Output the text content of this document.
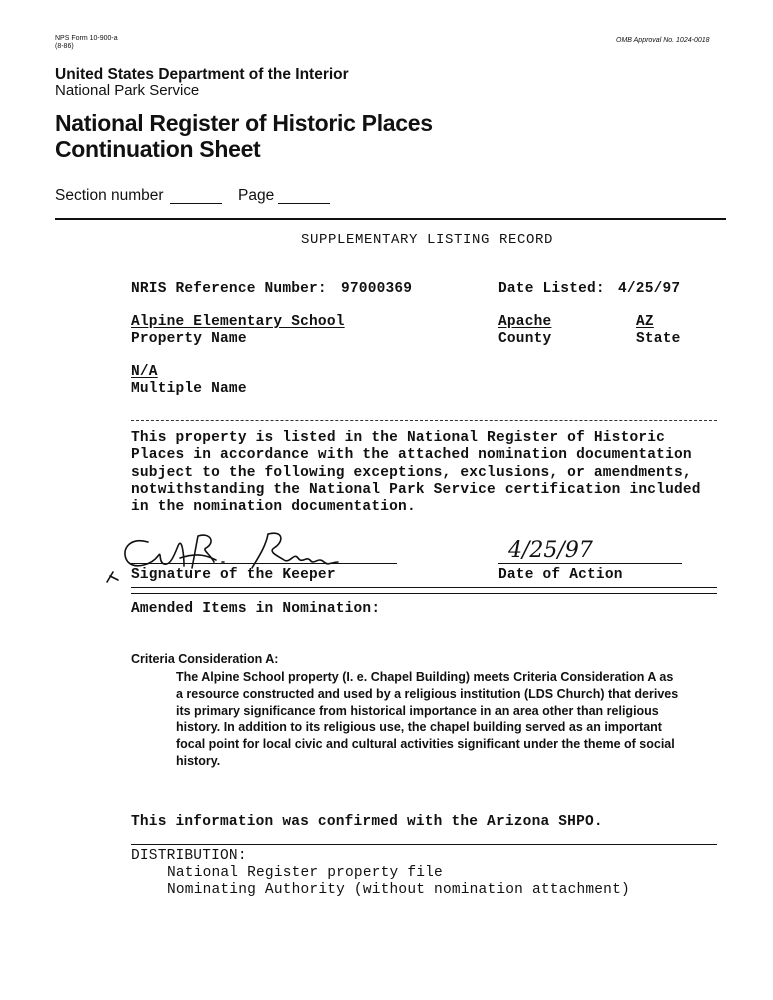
NPS Form 10-900-a
(8-86)
OMB Approval No. 1024-0018
United States Department of the Interior
National Park Service
National Register of Historic Places
Continuation Sheet
Section number	Page
SUPPLEMENTARY LISTING RECORD
NRIS Reference Number: 97000369	Date Listed: 4/25/97
Alpine Elementary School
Property Name
Apache
County
AZ
State
N/A
Multiple Name
This property is listed in the National Register of Historic
Places in accordance with the attached nomination documentation
subject to the following exceptions, exclusions, or amendments,
notwithstanding the National Park Service certification included
in the nomination documentation.
Signature of the Keeper
4/25/97
Date of Action
Amended Items in Nomination:
Criteria Consideration A:
The Alpine School property (I. e. Chapel Building) meets Criteria Consideration A as
a resource constructed and used by a religious institution (LDS Church) that derives
its primary significance from historical importance in an area other than religious
history. In addition to its religious use, the chapel building served as an important
focal point for local civic and cultural activities significant under the theme of social
history.
This information was confirmed with the Arizona SHPO.
DISTRIBUTION:
National Register property file
Nominating Authority (without nomination attachment)
